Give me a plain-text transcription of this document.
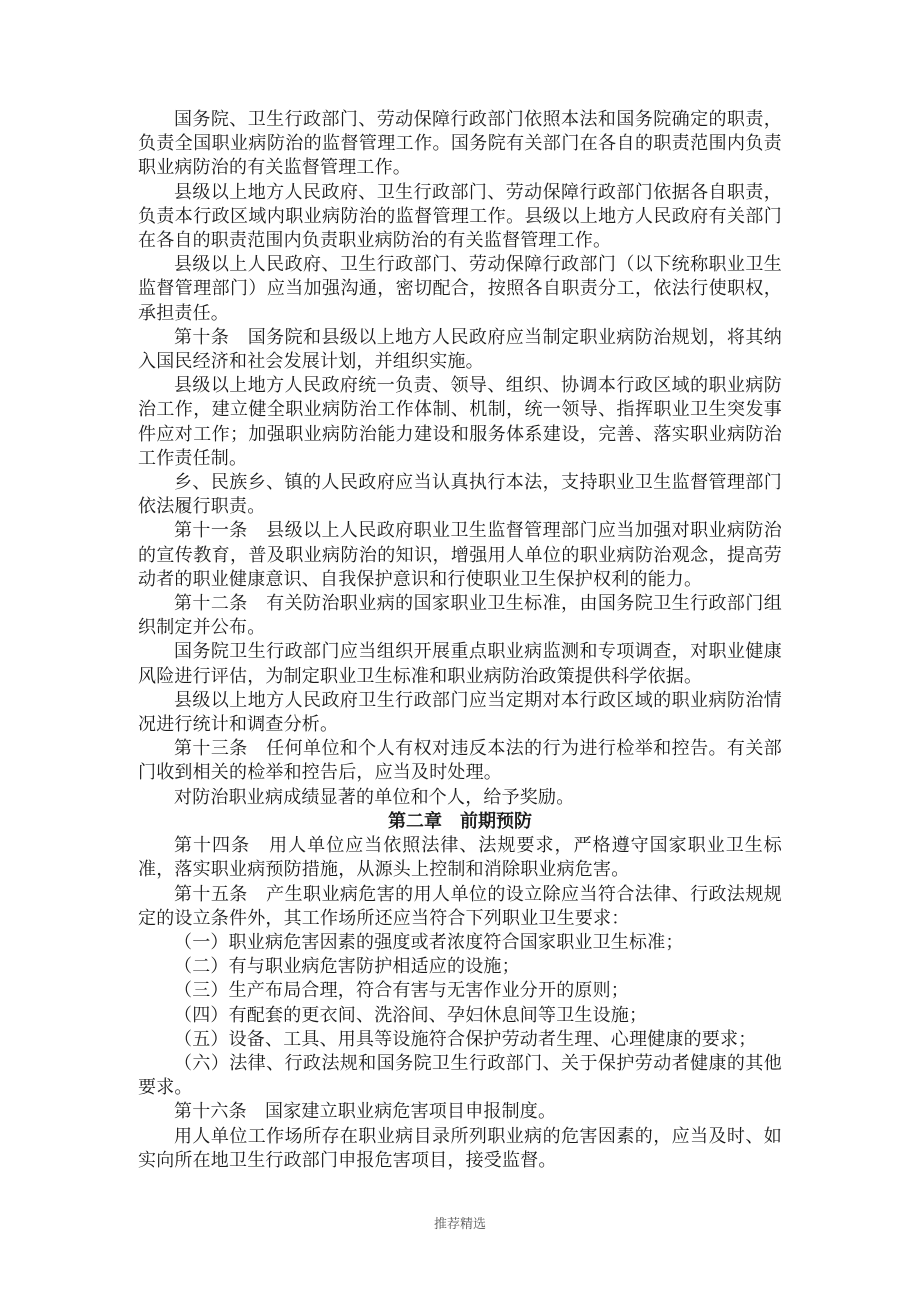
国务院、卫生行政部门、劳动保障行政部门依照本法和国务院确定的职责，负责全国职业病防治的监督管理工作。国务院有关部门在各自的职责范围内负责职业病防治的有关监督管理工作。

县级以上地方人民政府、卫生行政部门、劳动保障行政部门依据各自职责，负责本行政区域内职业病防治的监督管理工作。县级以上地方人民政府有关部门在各自的职责范围内负责职业病防治的有关监督管理工作。

县级以上人民政府、卫生行政部门、劳动保障行政部门（以下统称职业卫生监督管理部门）应当加强沟通，密切配合，按照各自职责分工，依法行使职权，承担责任。

第十条　国务院和县级以上地方人民政府应当制定职业病防治规划，将其纳入国民经济和社会发展计划，并组织实施。

县级以上地方人民政府统一负责、领导、组织、协调本行政区域的职业病防治工作，建立健全职业病防治工作体制、机制，统一领导、指挥职业卫生突发事件应对工作；加强职业病防治能力建设和服务体系建设，完善、落实职业病防治工作责任制。

乡、民族乡、镇的人民政府应当认真执行本法，支持职业卫生监督管理部门依法履行职责。

第十一条　县级以上人民政府职业卫生监督管理部门应当加强对职业病防治的宣传教育，普及职业病防治的知识，增强用人单位的职业病防治观念，提高劳动者的职业健康意识、自我保护意识和行使职业卫生保护权利的能力。

第十二条　有关防治职业病的国家职业卫生标准，由国务院卫生行政部门组织制定并公布。

国务院卫生行政部门应当组织开展重点职业病监测和专项调查，对职业健康风险进行评估，为制定职业卫生标准和职业病防治政策提供科学依据。

县级以上地方人民政府卫生行政部门应当定期对本行政区域的职业病防治情况进行统计和调查分析。

第十三条　任何单位和个人有权对违反本法的行为进行检举和控告。有关部门收到相关的检举和控告后，应当及时处理。

对防治职业病成绩显著的单位和个人，给予奖励。

第二章　前期预防

第十四条　用人单位应当依照法律、法规要求，严格遵守国家职业卫生标准，落实职业病预防措施，从源头上控制和消除职业病危害。

第十五条　产生职业病危害的用人单位的设立除应当符合法律、行政法规规定的设立条件外，其工作场所还应当符合下列职业卫生要求：

（一）职业病危害因素的强度或者浓度符合国家职业卫生标准；

（二）有与职业病危害防护相适应的设施；

（三）生产布局合理，符合有害与无害作业分开的原则；

（四）有配套的更衣间、洗浴间、孕妇休息间等卫生设施；

（五）设备、工具、用具等设施符合保护劳动者生理、心理健康的要求；

（六）法律、行政法规和国务院卫生行政部门、关于保护劳动者健康的其他要求。

第十六条　国家建立职业病危害项目申报制度。

用人单位工作场所存在职业病目录所列职业病的危害因素的，应当及时、如实向所在地卫生行政部门申报危害项目，接受监督。

推荐精选
